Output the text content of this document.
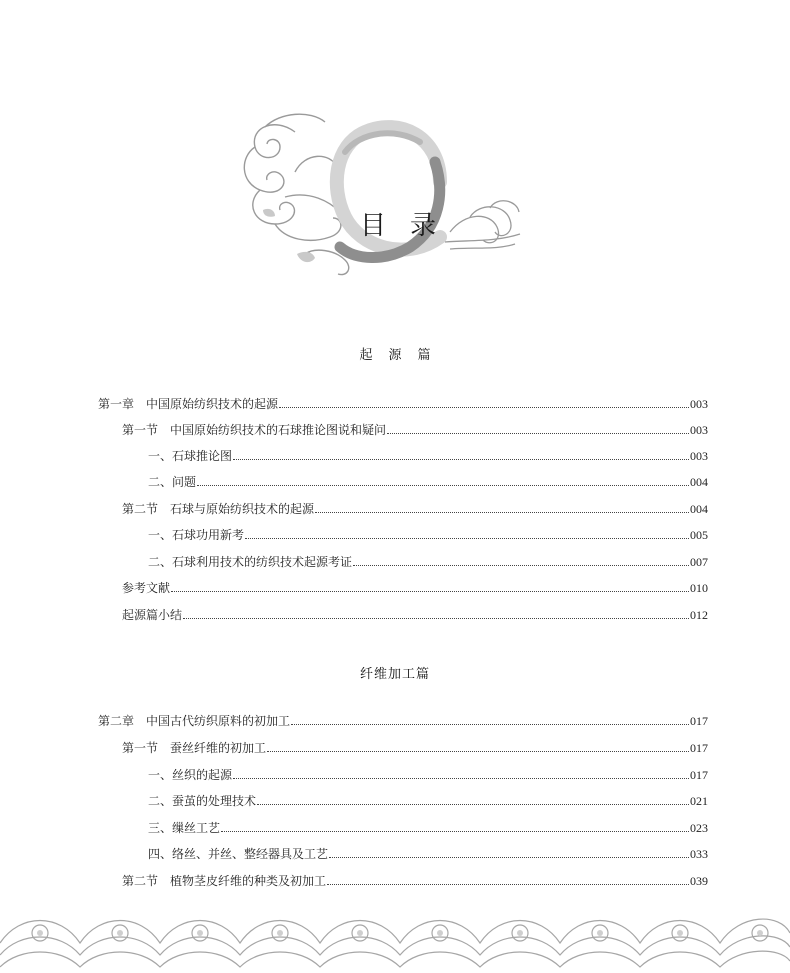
目录
起源篇
第一章　中国原始纺织技术的起源	003
第一节　中国原始纺织技术的石球推论图说和疑问	003
一、石球推论图	003
二、问题	004
第二节　石球与原始纺织技术的起源	004
一、石球功用新考	005
二、石球利用技术的纺织技术起源考证	007
参考文献	010
起源篇小结	012
纤维加工篇
第二章　中国古代纺织原料的初加工	017
第一节　蚕丝纤维的初加工	017
一、丝织的起源	017
二、蚕茧的处理技术	021
三、缫丝工艺	023
四、络丝、并丝、整经器具及工艺	033
第二节　植物茎皮纤维的种类及初加工	039
